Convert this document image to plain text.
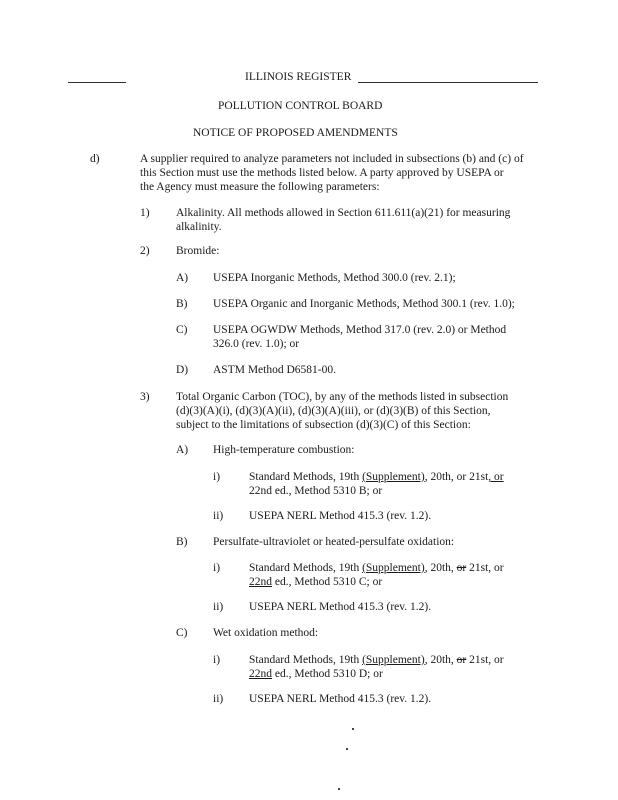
ILLINOIS REGISTER
POLLUTION CONTROL BOARD
NOTICE OF PROPOSED AMENDMENTS
d)	A supplier required to analyze parameters not included in subsections (b) and (c) of
this Section must use the methods listed below. A party approved by USEPA or
the Agency must measure the following parameters:
1) Alkalinity. All methods allowed in Section 611.611(a)(21) for measuring
alkalinity.
2) Bromide:
A) USEPA Inorganic Methods, Method 300.0 (rev. 2.1);
B) USEPA Organic and Inorganic Methods, Method 300.1 (rev. 1.0);
C) USEPA OGWDW Methods, Method 317.0 (rev. 2.0) or Method
326.0 (rev. 1.0); or
D) ASTM Method D6581-00.
3) Total Organic Carbon (TOC), by any of the methods listed in subsection
(d)(3)(A)(i), (d)(3)(A)(ii), (d)(3)(A)(iii), or (d)(3)(B) of this Section,
subject to the limitations of subsection (d)(3)(C) of this Section:
A) High-temperature combustion:
i)	Standard Methods, 19th (Supplement), 20th, or 21st, or
22nd ed., Method 5310 B; or
ii) USEPA NERL Method 415.3 (rev. 1.2).
B) Persulfate-ultraviolet or heated-persulfate oxidation:
i)	Standard Methods, 19th (Supplement), 20th, or 21st, or
22nd ed., Method 5310 C; or
ii) USEPA NERL Method 415.3 (rev. 1.2).
C) Wet oxidation method:
i)	Standard Methods, 19th (Supplement), 20th, or 21st, or
22nd ed., Method 5310 D; or
ii) USEPA NERL Method 415.3 (rev. 1.2).
